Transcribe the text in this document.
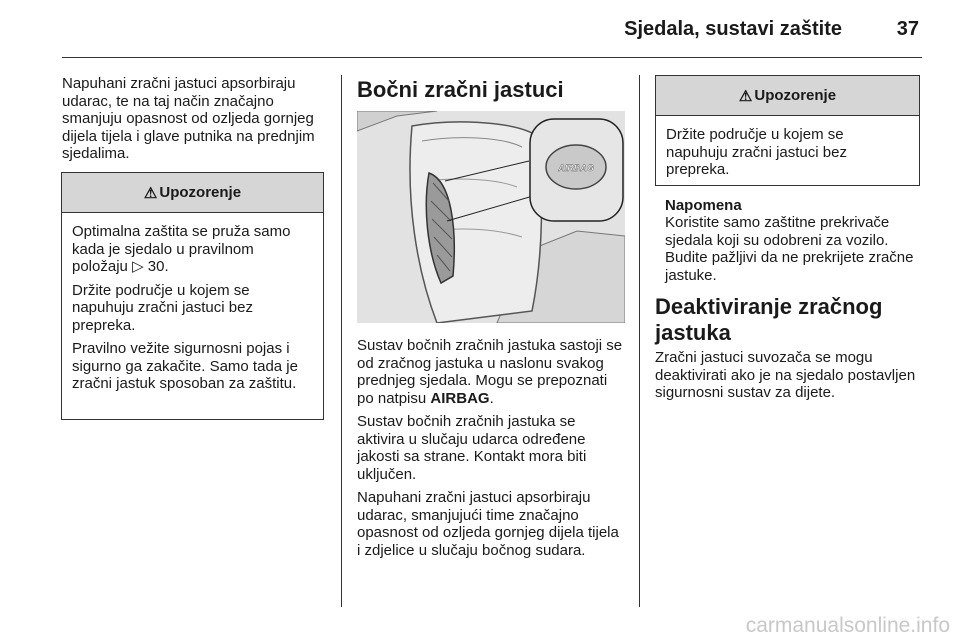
Sjedala, sustavi zaštite	37

Napuhani zračni jastuci apsorbiraju udarac, te na taj način značajno smanjuju opasnost od ozljeda gornjeg dijela tijela i glave putnika na prednjim sjedalima.

⚠ Upozorenje

Optimalna zaštita se pruža samo kada je sjedalo u pravilnom položaju ▷ 30.

Držite područje u kojem se napuhuju zračni jastuci bez prepreka.

Pravilno vežite sigurnosni pojas i sigurno ga zakačite. Samo tada je zračni jastuk sposoban za zaštitu.

Bočni zračni jastuci
AIRBAG

Sustav bočnih zračnih jastuka sastoji se od zračnog jastuka u naslonu svakog prednjeg sjedala. Mogu se prepoznati po natpisu AIRBAG.

Sustav bočnih zračnih jastuka se aktivira u slučaju udarca određene jakosti sa strane. Kontakt mora biti uključen.

Napuhani zračni jastuci apsorbiraju udarac, smanjujući time značajno opasnost od ozljeda gornjeg dijela tijela i zdjelice u slučaju bočnog sudara.

⚠ Upozorenje

Držite područje u kojem se napuhuju zračni jastuci bez prepreka.

Napomena

Koristite samo zaštitne prekrivače sjedala koji su odobreni za vozilo. Budite pažljivi da ne prekrijete zračne jastuke.

Deaktiviranje zračnog jastuka

Zračni jastuci suvozača se mogu deaktivirati ako je na sjedalo postavljen sigurnosni sustav za dijete.

carmanualsonline.info
